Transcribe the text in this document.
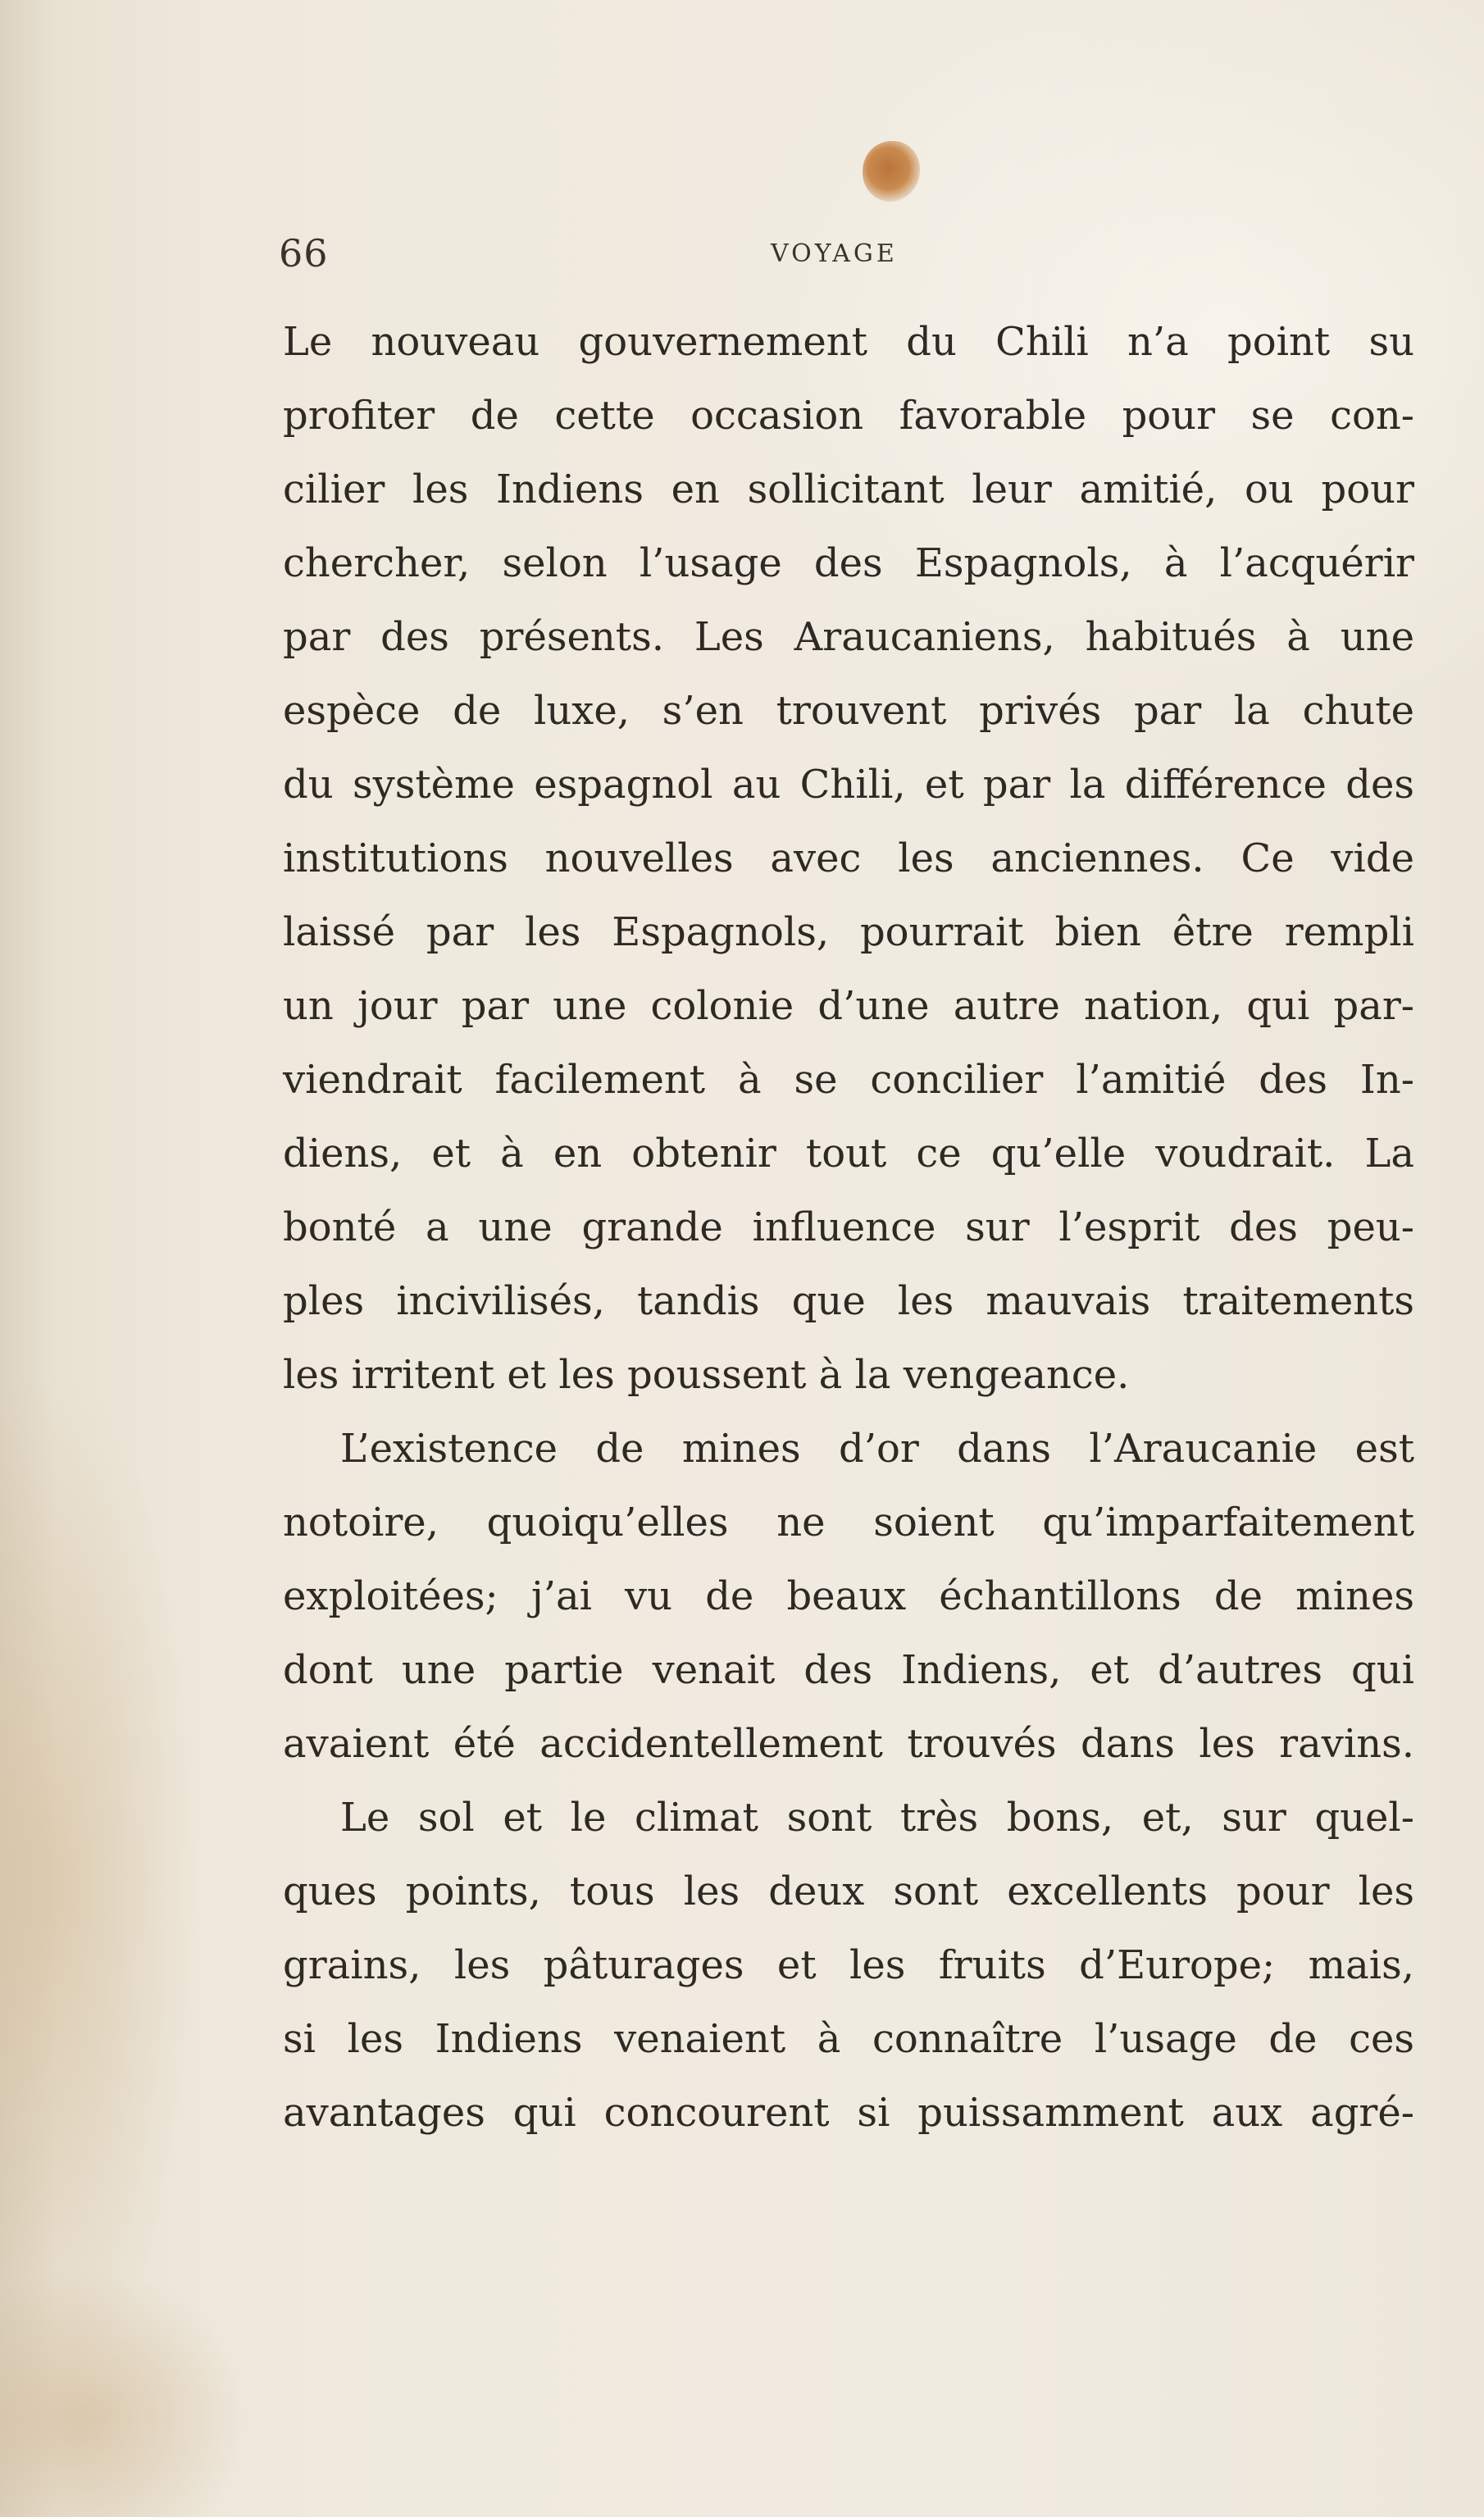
66	VOYAGE
Le nouveau gouvernement du Chili n’a point su
profiter de cette occasion favorable pour se con-
cilier les Indiens en sollicitant leur amitié, ou pour
chercher, selon l’usage des Espagnols, à l’acquérir
par des présents. Les Araucaniens, habitués à une
espèce de luxe, s’en trouvent privés par la chute
du système espagnol au Chili, et par la différence des
institutions nouvelles avec les anciennes. Ce vide
laissé par les Espagnols, pourrait bien être rempli
un jour par une colonie d’une autre nation, qui par-
viendrait facilement à se concilier l’amitié des In-
diens, et à en obtenir tout ce qu’elle voudrait. La
bonté a une grande influence sur l’esprit des peu-
ples incivilisés, tandis que les mauvais traitements
les irritent et les poussent à la vengeance.
L’existence de mines d’or dans l’Araucanie est
notoire, quoiqu’elles ne soient qu’imparfaitement
exploitées; j’ai vu de beaux échantillons de mines
dont une partie venait des Indiens, et d’autres qui
avaient été accidentellement trouvés dans les ravins.
Le sol et le climat sont très bons, et, sur quel-
ques points, tous les deux sont excellents pour les
grains, les pâturages et les fruits d’Europe; mais,
si les Indiens venaient à connaître l’usage de ces
avantages qui concourent si puissamment aux agré-
